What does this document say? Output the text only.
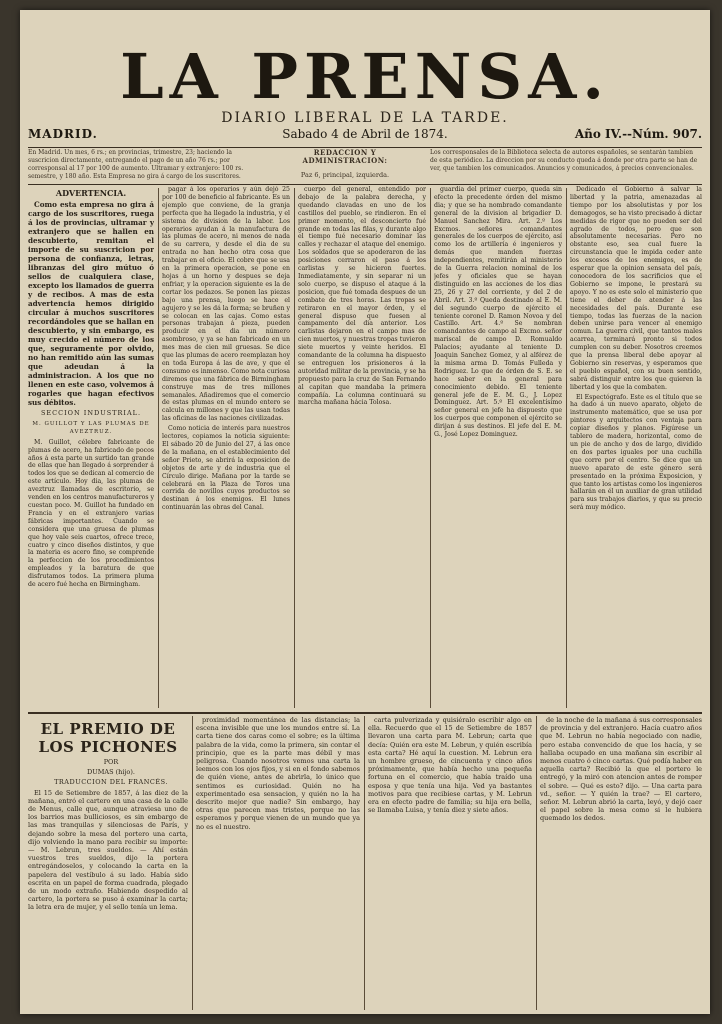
LA PRENSA.
DIARIO LIBERAL DE LA TARDE.
MADRID.	Sabado 4 de Abril de 1874.	Año IV.--Núm. 907.
En Madrid. Un mes, 6 rs.; en provincias, trimestre, 23; haciendo la suscricion directamente, entregando el pago de un año 76 rs.; por corresponsal al 17 por 100 de aumento. Ultramar y extranjero: 100 rs. semestre, y 180 año. Esta Empresa no gira á cargo de los suscritores.
REDACCION Y ADMINISTRACION:
Paz 6, principal, izquierda.
Los corresponsales de la Biblioteca selecta de autores españoles, se sentarán tambien de esta periódico. La direccion por su conducto queda á donde por otra parte se han de ver, que tambien los comunicados. Anuncios y comunicados, á precios convencionales.
ADVERTENCIA.

Como esta empresa no gira á cargo de los suscritores, ruega á los de provincias, ultramar y extranjero que se hallen en descubierto, remitan el importe de su suscricion por persona de confianza, letras, libranzas del giro mútuo ó sellos de cualquiera clase, excepto los llamados de guerra y de recibos. A mas de esta advertencia hemos dirigido circular á muchos suscritores recordándoles que se hallan en descubierto, y sin embargo, es muy crecido el número de los que, seguramente por olvido, no han remitido aún las sumas que adeudan á la administracion. A los que no llenen en este caso, volvemos á rogarles que hagan efectivos sus débitos.

SECCION INDUSTRIAL.
M. GUILLOT Y LAS PLUMAS DE AVEZTRUZ.

M. Guillot, célebre fabricante de plumas de acero, ha fabricado de pocos años á esta parte un surtido tan grande de ellas que han llegado á sorprender á todos los que se dedican al comercio de este artículo. Hoy dia, las plumas de aveztruz llamadas de escritorio, se venden en los centros manufactureros y cuestan poco. M. Guillot ha fundado en Francia y en el extranjero varias fábricas importantes. Cuando se considera que una gruesa de plumas que hoy vale seis cuartos, ofrece trece, cuatro y cinco diseños distintos, y que la materia es acero fino, se comprende la perfeccion de los procedimientos empleados y la baratura de que disfrutamos todos. La primera pluma de acero fué hecha en Birmingham.

pagar á los operarios y aún dejó 25 por 100 de beneficio al fabricante. Es un ejemplo que conviene, de la granja perfecta que ha llegado la industria, y el sistema de division de la labor. Los operarios ayudan á la manufactura de las plumas de acero, ni menos de nada de su carrera, y desde el dia de su entrada no han hecho otra cosa que trabajar en el oficio. El cobre que se usa en la primera operacion, se pone en hojas á un horno y despues se deja enfriar, y la operacion siguiente es la de cortar los pedazos. Se ponen las piezas bajo una prensa, luego se hace el agujero y se les dá la forma; se bruñen y se colocan en las cajas. Como estas personas trabajan á pieza, pueden producir en el dia un número asombroso, y ya se han fabricado en un mes mas de cien mil gruesas. Se dice que las plumas de acero reemplazan hoy en toda Europa á las de ave, y que el consumo es inmenso. Como nota curiosa diremos que una fábrica de Birmingham construye mas de tres millones semanales. Añadiremos que el comercio de estas plumas en el mundo entero se calcula en millones y que las usan todas las oficinas de las naciones civilizadas.

Como noticia de interés para nuestros lectores, copiamos la noticia siguiente: El sábado 20 de Junio del 27, á las once de la mañana, en el establecimiento del señor Prieto, se abrirá la exposicion de objetos de arte y de industria que el Círculo dirige. Mañana por la tarde se celebrará en la Plaza de Toros una corrida de novillos cuyos productos se destinan á los enemigos. El lunes continuarán las obras del Canal.

cuerpo del general, entendido por debajo de la palabra derecha, y quedando clavadas en uno de los castillos del pueblo, se rindieron. En el primer momento, el desconcierto fué grande en todas las filas, y durante algo el tiempo fué necesario dominar las calles y rechazar el ataque del enemigo. Los soldados que se apoderaron de las posiciones cerraron el paso á los carlistas y se hicieron fuertes. Inmediatamente, y sin separar ni un solo cuerpo, se dispuso el ataque á la posicion, que fué tomada despues de un combate de tres horas. Las tropas se retiraron en el mayor órden, y el general dispuso que fuesen al campamento del dia anterior. Los carlistas dejaron en el campo mas de cien muertos, y nuestras tropas tuvieron siete muertos y veinte heridos. El comandante de la columna ha dispuesto se entreguen los prisioneros á la autoridad militar de la provincia, y se ha propuesto para la cruz de San Fernando al capitan que mandaba la primera compañía. La columna continuará su marcha mañana hácia Tolosa.

guardia del primer cuerpo, queda sin efecto la precedente órden del mismo dia; y que se ha nombrado comandante general de la division al brigadier D. Manuel Sanchez Mira. Art. 2.º Los Excmos. señores comandantes generales de los cuerpos de ejército, así como los de artillería é ingenieros y demás que manden fuerzas independientes, remitirán al ministerio de la Guerra relacion nominal de los jefes y oficiales que se hayan distinguido en las acciones de los dias 25, 26 y 27 del corriente, y del 2 de Abril. Art. 3.º Queda destinado al E. M. del segundo cuerpo de ejército el teniente coronel D. Ramon Novoa y del Castillo. Art. 4.º Se nombran comandantes de campo al Excmo. señor mariscal de campo D. Romualdo Palacios; ayudante al teniente D. Joaquin Sanchez Gomez, y al alférez de la misma arma D. Tomás Fulleda y Rodriguez. Lo que de órden de S. E. se hace saber en la general para conocimiento debido. El teniente general jefe de E. M. G., J. Lopez Dominguez. Art. 5.º El excelentísimo señor general en jefe ha dispuesto que los cuerpos que componen el ejército se dirijan á sus destinos. El jefe del E. M. G., José Lopez Dominguez.

Dedicado el Gobierno á salvar la libertad y la patria, amenazadas al tiempo por los absolutistas y por los demagogos, se ha visto precisado á dictar medidas de rigor que no pueden ser del agrado de todos, pero que son absolutamente necesarias. Pero no obstante eso, sea cual fuere la circunstancia que le impida ceder ante los excesos de los enemigos, es de esperar que la opinion sensata del país, conocedora de los sacrificios que el Gobierno se impone, le prestará su apoyo. Y no es este solo el ministerio que tiene el deber de atender á las necesidades del país. Durante ese tiempo, todas las fuerzas de la nacion deben unirse para vencer al enemigo comun. La guerra civil, que tantos males acarrea, terminará pronto si todos cumplen con su deber. Nosotros creemos que la prensa liberal debe apoyar al Gobierno sin reservas, y esperamos que el pueblo español, con su buen sentido, sabrá distinguir entre los que quieren la libertad y los que la combaten.

El Espectógrafo. Este es el título que se ha dado á un nuevo aparato, objeto de instrumento matemático, que se usa por pintores y arquitectos con ventaja para copiar diseños y planos. Figúrese un tablero de madera, horizontal, como de un pie de ancho y dos de largo, dividido en dos partes iguales por una cuchilla que corre por el centro. Se dice que un nuevo aparato de este género será presentado en la próxima Exposicion, y que tanto los artistas como los ingenieros hallarán en él un auxiliar de gran utilidad para sus trabajos diarios, y que su precio será muy módico.

EL PREMIO DE LOS PICHONES

POR

DUMAS (hijo).

TRADUCCION DEL FRANCÉS.

El 15 de Setiembre de 1857, á las diez de la mañana, entró el cartero en una casa de la calle de Menus, calle que, aunque atraviesa uno de los barrios mas bulliciosos, es sin embargo de las mas tranquilas y silenciosas de París, y dejando sobre la mesa del portero una carta, dijo volviendo la mano para recibir su importe: — M. Lebrun, tres sueldos. — Ahí están vuestros tres sueldos, dijo la portera entregándoselos, y colocando la carta en la papelera del vestíbulo á su lado. Había sido escrita en un papel de forma cuadrada, plegado de un modo extraño. Habiendo despedido al cartero, la portera se puso á examinar la carta; la letra era de mujer, y el sello tenía un lema.

proximidad momentánea de las distancias; la escena invisible que une los mundos entre sí. La carta tiene dos caras como el sobre; es la última palabra de la vida, como la primera, sin contar el principio, que es la parte mas débil y mas peligrosa. Cuando nosotros vemos una carta la leemos con los ojos fijos, y si en el fondo sabemos de quién viene, antes de abrirla, lo único que sentimos es curiosidad. Quién no ha experimentado esa sensacion, y quién no la ha descrito mejor que nadie? Sin embargo, hay otras que parecen mas tristes, porque no las esperamos y porque vienen de un mundo que ya no es el nuestro.

carta pulverizada y quisiéralo escribir algo en ella. Recuerdo que el 15 de Setiembre de 1857 llevaron una carta para M. Lebrun; carta que decía: Quién era este M. Lebrun, y quién escribía esta carta? Hé aquí la cuestion. M. Lebrun era un hombre grueso, de cincuenta y cinco años próximamente, que había hecho una pequeña fortuna en el comercio, que había traído una esposa y que tenía una hija. Ved ya bastantes motivos para que recibiese cartas, y M. Lebrun era en efecto padre de familia; su hija era bella, se llamaba Luisa, y tenía diez y siete años.

de la noche de la mañana á sus corresponsales de provincia y del extranjero. Hacía cuatro años que M. Lebrun no había negociado con nadie, pero estaba convencido de que los hacía, y se hallaba ocupado en una mañana sin escribir al menos cuatro ó cinco cartas. Qué podía haber en aquella carta? Recibió la que el portero le entregó, y la miró con atencion antes de romper el sobre. — Qué es esto? dijo. — Una carta para vd., señor. — Y quién la trae? — El cartero, señor. M. Lebrun abrió la carta, leyó, y dejó caer el papel sobre la mesa como si le hubiera quemado los dedos.
